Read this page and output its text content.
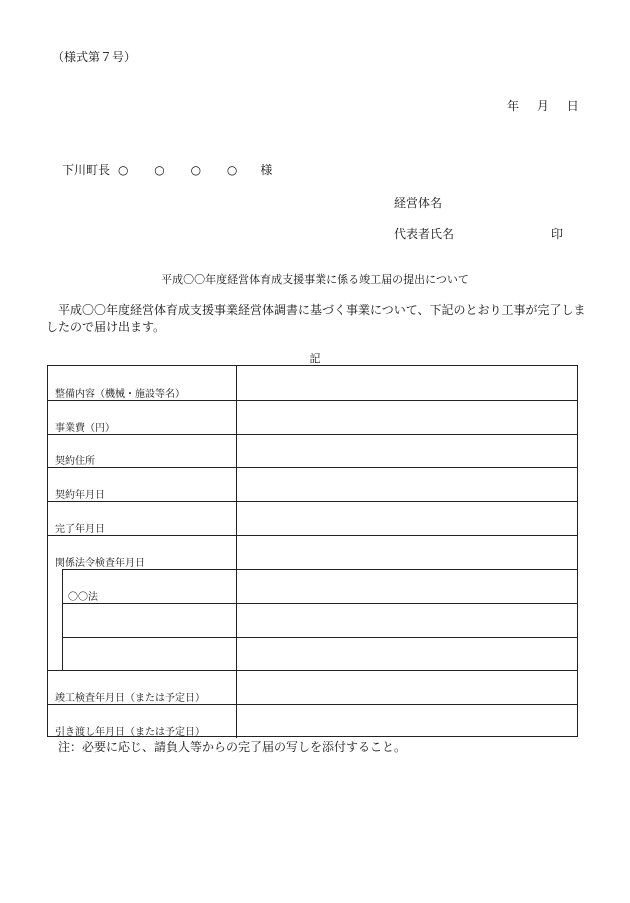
（様式第７号）
年 月 日
下川町長 ○ ○ ○ ○ 様
経営体名
代表者氏名	印
平成〇〇年度経営体育成支援事業に係る竣工届の提出について
平成〇〇年度経営体育成支援事業経営体調書に基づく事業について、下記のとおり工事が完了しましたので届け出ます。
記
整備内容（機械・施設等名）
事業費（円）
契約住所
契約年月日
完了年月日
関係法令検査年月日
〇〇法
竣工検査年月日（または予定日）
引き渡し年月日（または予定日）
注：必要に応じ、請負人等からの完了届の写しを添付すること。
